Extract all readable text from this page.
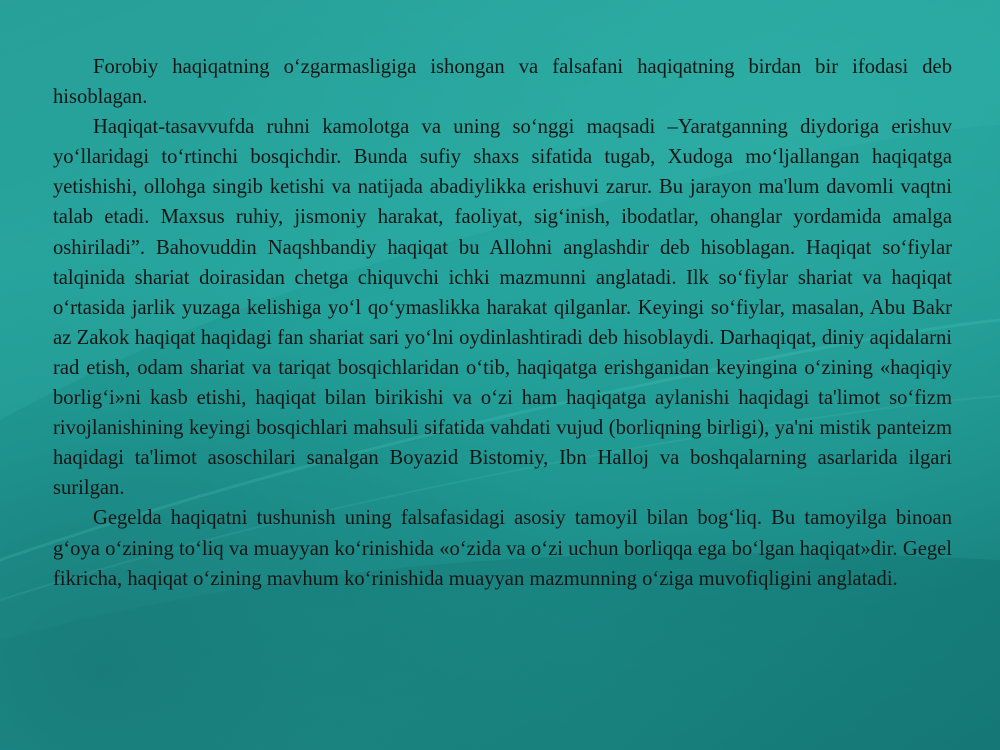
Forobiy haqiqatning o‘zgarmasligiga ishongan va falsafani haqiqatning birdan bir ifodasi deb hisoblagan.

Haqiqat-tasavvufda ruhni kamolotga va uning so‘nggi maqsadi –Yaratganning diydoriga erishuv yo‘llaridagi to‘rtinchi bosqichdir. Bunda sufiy shaxs sifatida tugab, Xudoga mo‘ljallangan haqiqatga yetishishi, ollohga singib ketishi va natijada abadiylikka erishuvi zarur. Bu jarayon ma'lum davomli vaqtni talab etadi. Maxsus ruhiy, jismoniy harakat, faoliyat, sig‘inish, ibodatlar, ohanglar yordamida amalga oshiriladi”. Bahovuddin Naqshbandiy haqiqat bu Allohni anglashdir deb hisoblagan. Haqiqat so‘fiylar talqinida shariat doirasidan chetga chiquvchi ichki mazmunni anglatadi. Ilk so‘fiylar shariat va haqiqat o‘rtasida jarlik yuzaga kelishiga yo‘l qo‘ymaslikka harakat qilganlar. Keyingi so‘fiylar, masalan, Abu Bakr az Zakok haqiqat haqidagi fan shariat sari yo‘lni oydinlashtiradi deb hisoblaydi. Darhaqiqat, diniy aqidalarni rad etish, odam shariat va tariqat bosqichlaridan o‘tib, haqiqatga erishganidan keyingina o‘zining «haqiqiy borlig‘i»ni kasb etishi, haqiqat bilan birikishi va o‘zi ham haqiqatga aylanishi haqidagi ta'limot so‘fizm rivojlanishining keyingi bosqichlari mahsuli sifatida vahdati vujud (borliqning birligi), ya'ni mistik panteizm haqidagi ta'limot asoschilari sanalgan Boyazid Bistomiy, Ibn Halloj va boshqalarning asarlarida ilgari surilgan.

Gegelda haqiqatni tushunish uning falsafasidagi asosiy tamoyil bilan bog‘liq. Bu tamoyilga binoan g‘oya o‘zining to‘liq va muayyan ko‘rinishida «o‘zida va o‘zi uchun borliqqa ega bo‘lgan haqiqat»dir. Gegel fikricha, haqiqat o‘zining mavhum ko‘rinishida muayyan mazmunning o‘ziga muvofiqligini anglatadi.
